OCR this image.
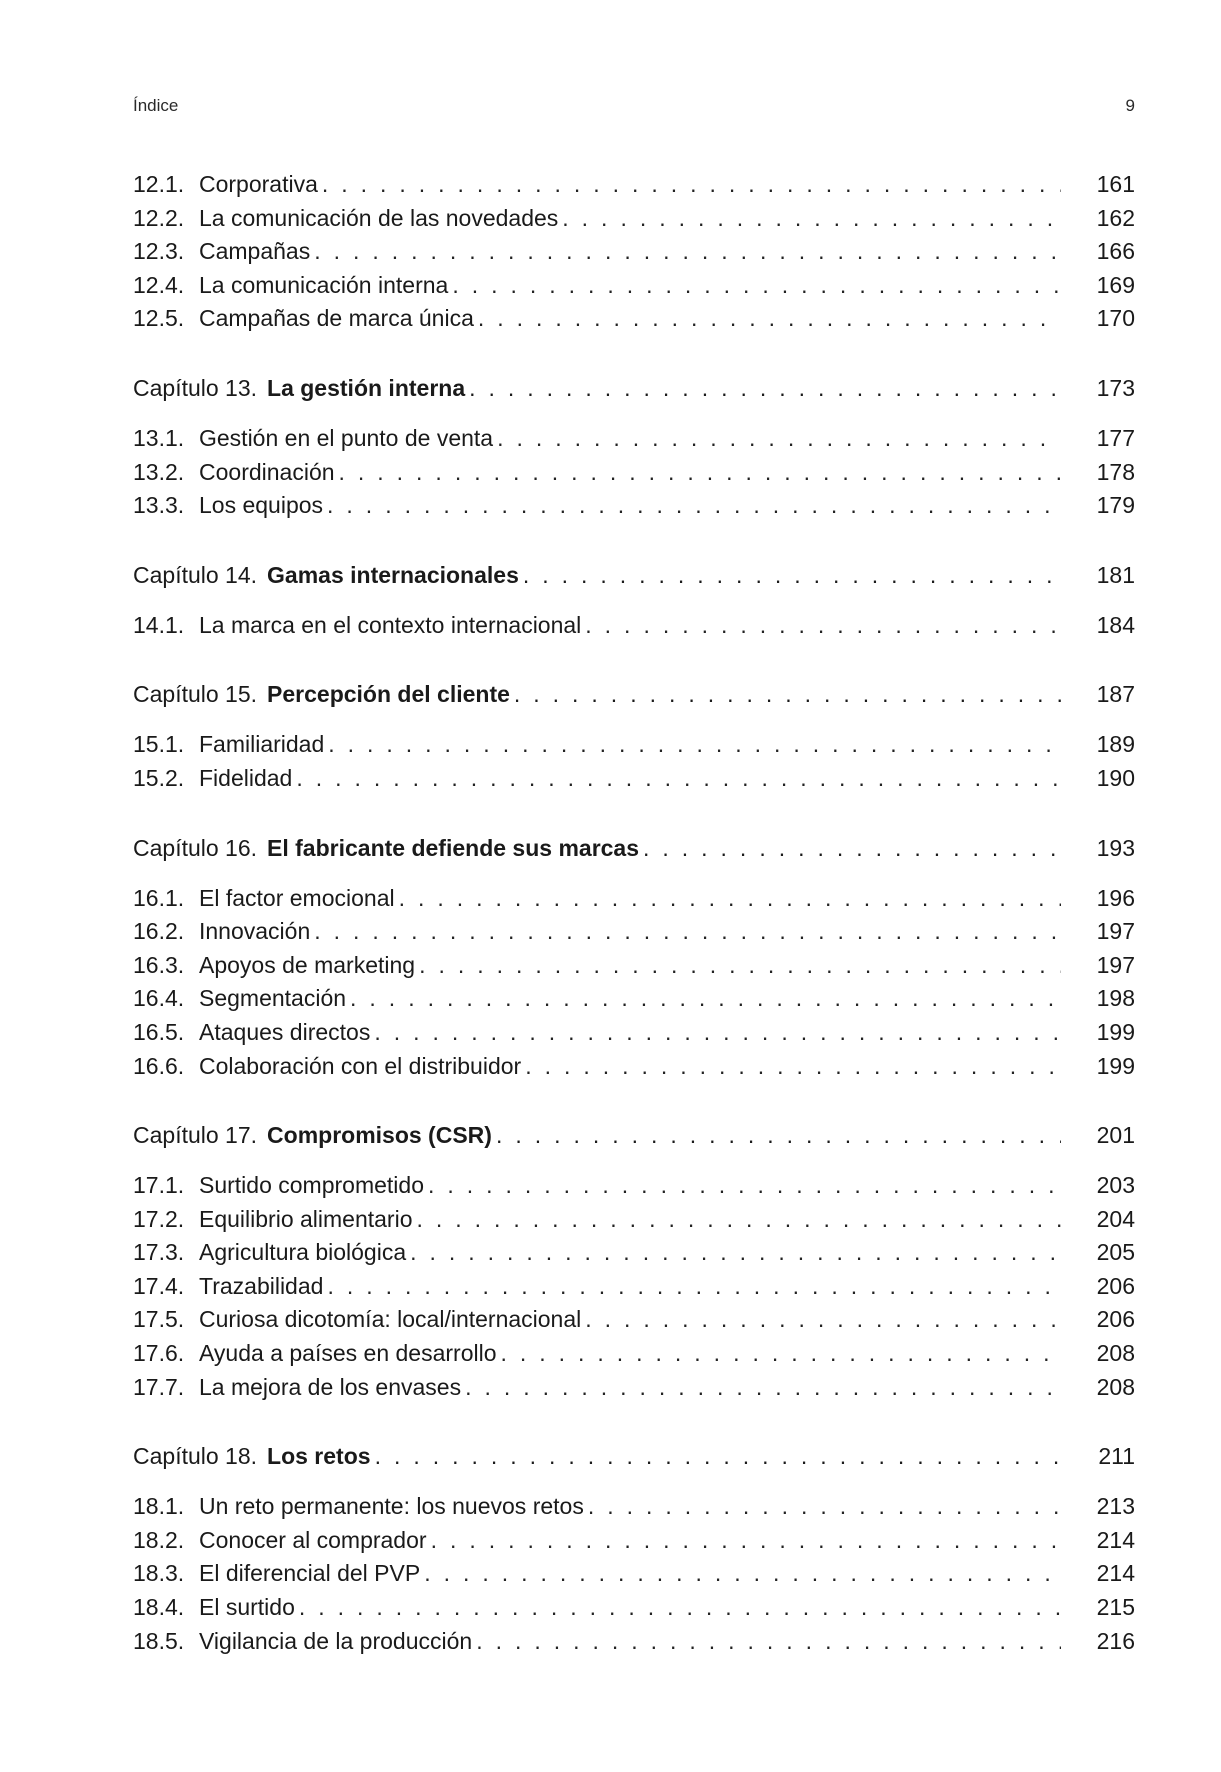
Índice	9
12.1. Corporativa . . .	161
12.2. La comunicación de las novedades . . .	162
12.3. Campañas . . .	166
12.4. La comunicación interna . . .	169
12.5. Campañas de marca única . . .	170
Capítulo 13. La gestión interna . . .	173
13.1. Gestión en el punto de venta . . .	177
13.2. Coordinación . . .	178
13.3. Los equipos . . .	179
Capítulo 14. Gamas internacionales . . .	181
14.1. La marca en el contexto internacional . . .	184
Capítulo 15. Percepción del cliente . . .	187
15.1. Familiaridad . . .	189
15.2. Fidelidad . . .	190
Capítulo 16. El fabricante defiende sus marcas . . .	193
16.1. El factor emocional . . .	196
16.2. Innovación . . .	197
16.3. Apoyos de marketing . . .	197
16.4. Segmentación . . .	198
16.5. Ataques directos . . .	199
16.6. Colaboración con el distribuidor . . .	199
Capítulo 17. Compromisos (CSR) . . .	201
17.1. Surtido comprometido . . .	203
17.2. Equilibrio alimentario . . .	204
17.3. Agricultura biológica . . .	205
17.4. Trazabilidad . . .	206
17.5. Curiosa dicotomía: local/internacional . . .	206
17.6. Ayuda a países en desarrollo . . .	208
17.7. La mejora de los envases . . .	208
Capítulo 18. Los retos . . .	211
18.1. Un reto permanente: los nuevos retos . . .	213
18.2. Conocer al comprador . . .	214
18.3. El diferencial del PVP . . .	214
18.4. El surtido . . .	215
18.5. Vigilancia de la producción . . .	216
